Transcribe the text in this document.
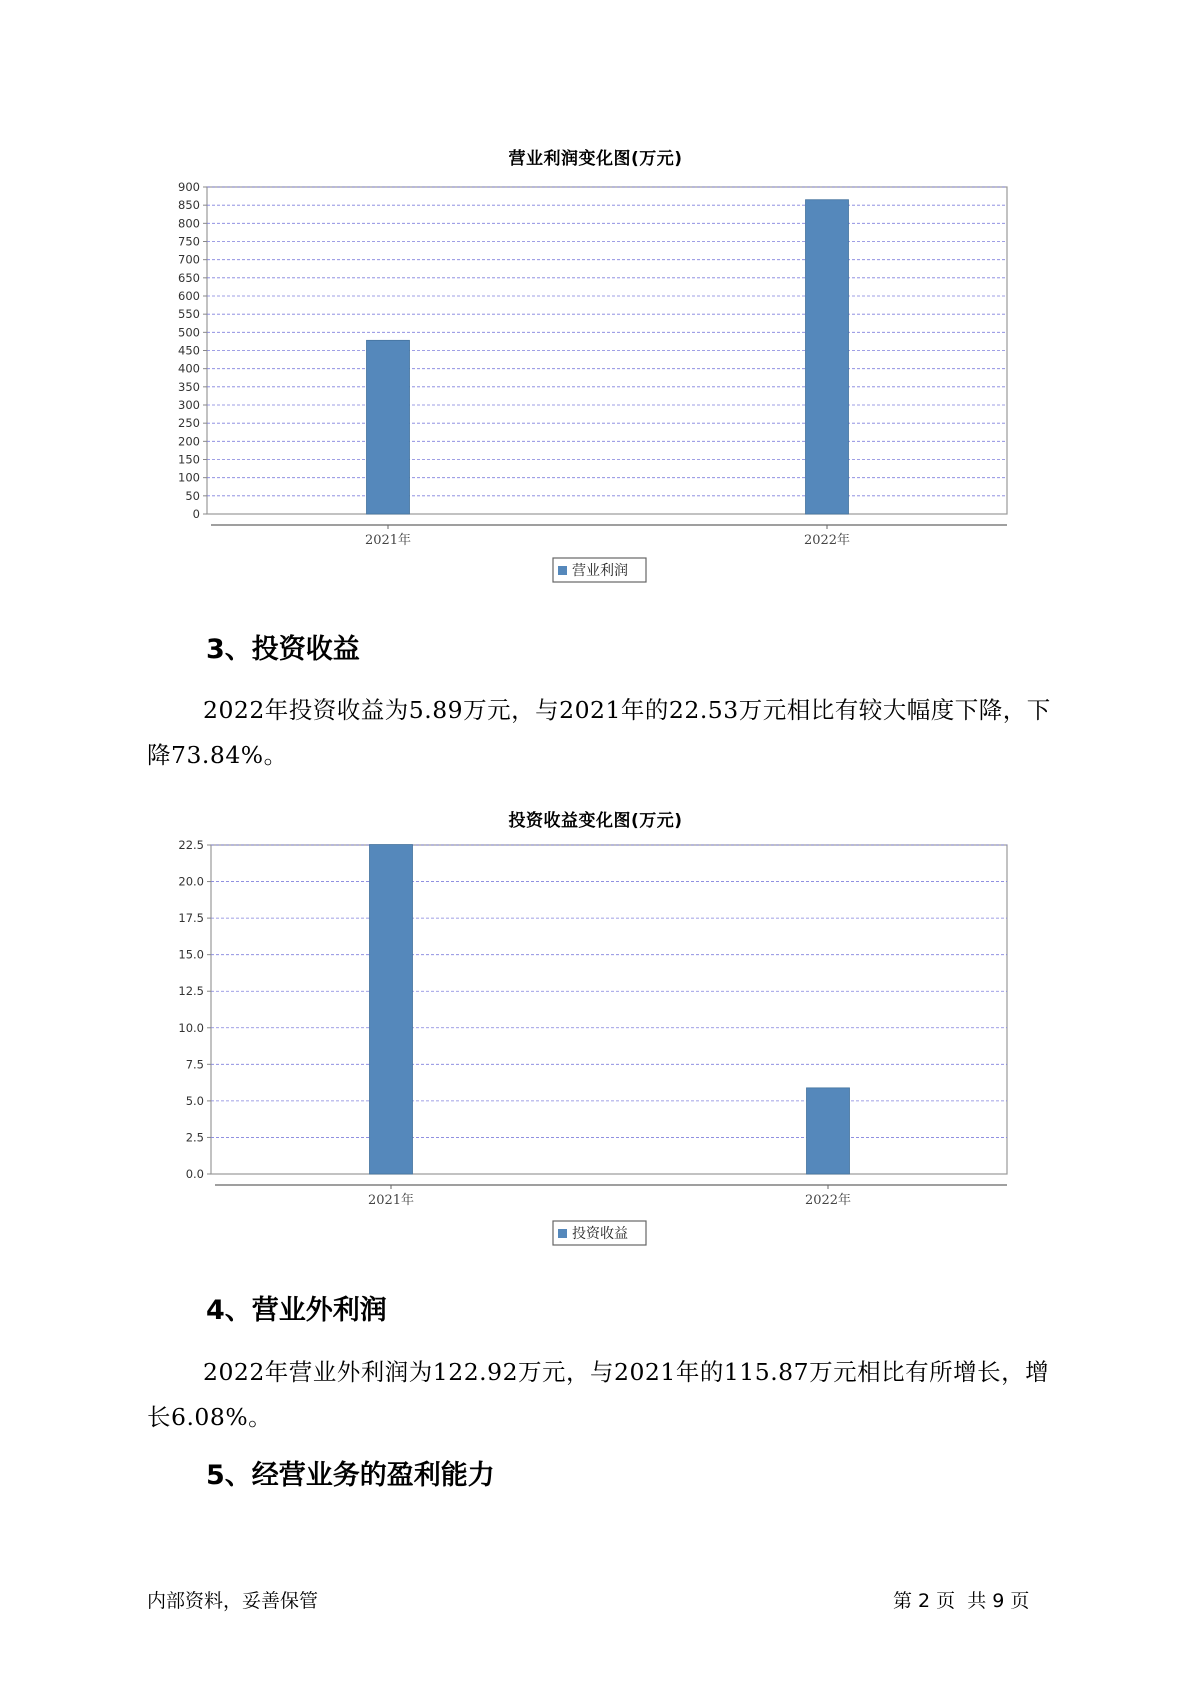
营业利润变化图(万元)
0
50
100
150
200
250
300
350
400
450
500
550
600
650
700
750
800
850
900
2021年	2022年
营业利润
3、投资收益

2022年投资收益为5.89万元，与2021年的22.53万元相比有较大幅度下降，下降73.84%。

投资收益变化图(万元)
0.0
2.5
5.0
7.5
10.0
12.5
15.0
17.5
20.0
22.5
2021年	2022年
投资收益
4、营业外利润

2022年营业外利润为122.92万元，与2021年的115.87万元相比有所增长，增长6.08%。

5、经营业务的盈利能力
内部资料，妥善保管	第 2 页  共 9 页
